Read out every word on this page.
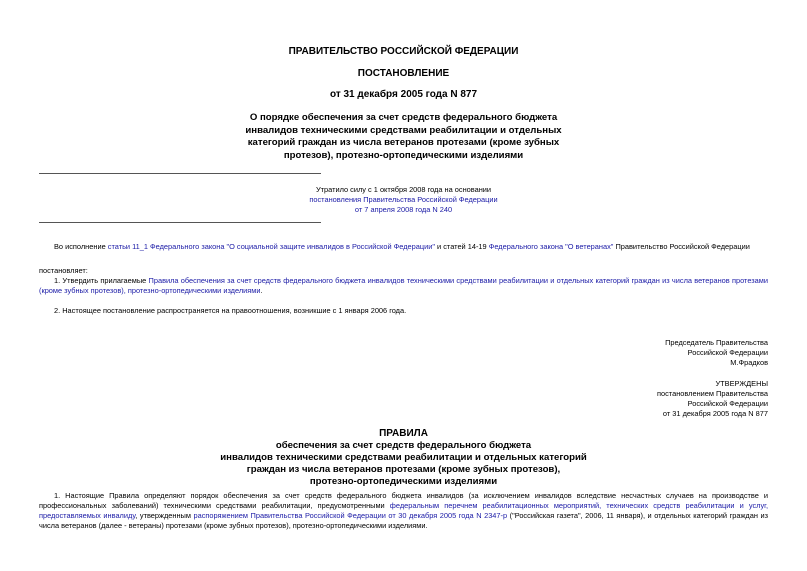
ПРАВИТЕЛЬСТВО РОССИЙСКОЙ ФЕДЕРАЦИИ
ПОСТАНОВЛЕНИЕ
от 31 декабря 2005 года N 877
О порядке обеспечения за счет средств федерального бюджета
инвалидов техническими средствами реабилитации и отдельных
категорий граждан из числа ветеранов протезами (кроме зубных
протезов), протезно-ортопедическими изделиями
Утратило силу с 1 октября 2008 года на основании
постановления Правительства Российской Федерации
от 7 апреля 2008 года N 240
Во исполнение статьи 11_1 Федерального закона "О социальной защите инвалидов в Российской Федерации" и статей 14-19 Федерального закона "О ветеранах" Правительство Российской Федерации
постановляет:
1. Утвердить прилагаемые Правила обеспечения за счет средств федерального бюджета инвалидов техническими средствами реабилитации и отдельных категорий граждан из числа ветеранов протезами (кроме зубных протезов), протезно-ортопедическими изделиями.
2. Настоящее постановление распространяется на правоотношения, возникшие с 1 января 2006 года.
Председатель Правительства
Российской Федерации
М.Фрадков
УТВЕРЖДЕНЫ
постановлением Правительства
Российской Федерации
от 31 декабря 2005 года N 877
ПРАВИЛА
обеспечения за счет средств федерального бюджета
инвалидов техническими средствами реабилитации и отдельных категорий
граждан из числа ветеранов протезами (кроме зубных протезов),
протезно-ортопедическими изделиями
1. Настоящие Правила определяют порядок обеспечения за счет средств федерального бюджета инвалидов (за исключением инвалидов вследствие несчастных случаев на производстве и профессиональных заболеваний) техническими средствами реабилитации, предусмотренными федеральным перечнем реабилитационных мероприятий, технических средств реабилитации и услуг, предоставляемых инвалиду, утвержденным распоряжением Правительства Российской Федерации от 30 декабря 2005 года N 2347-р ("Российская газета", 2006, 11 января), и отдельных категорий граждан из числа ветеранов (далее - ветераны) протезами (кроме зубных протезов), протезно-ортопедическими изделиями.
